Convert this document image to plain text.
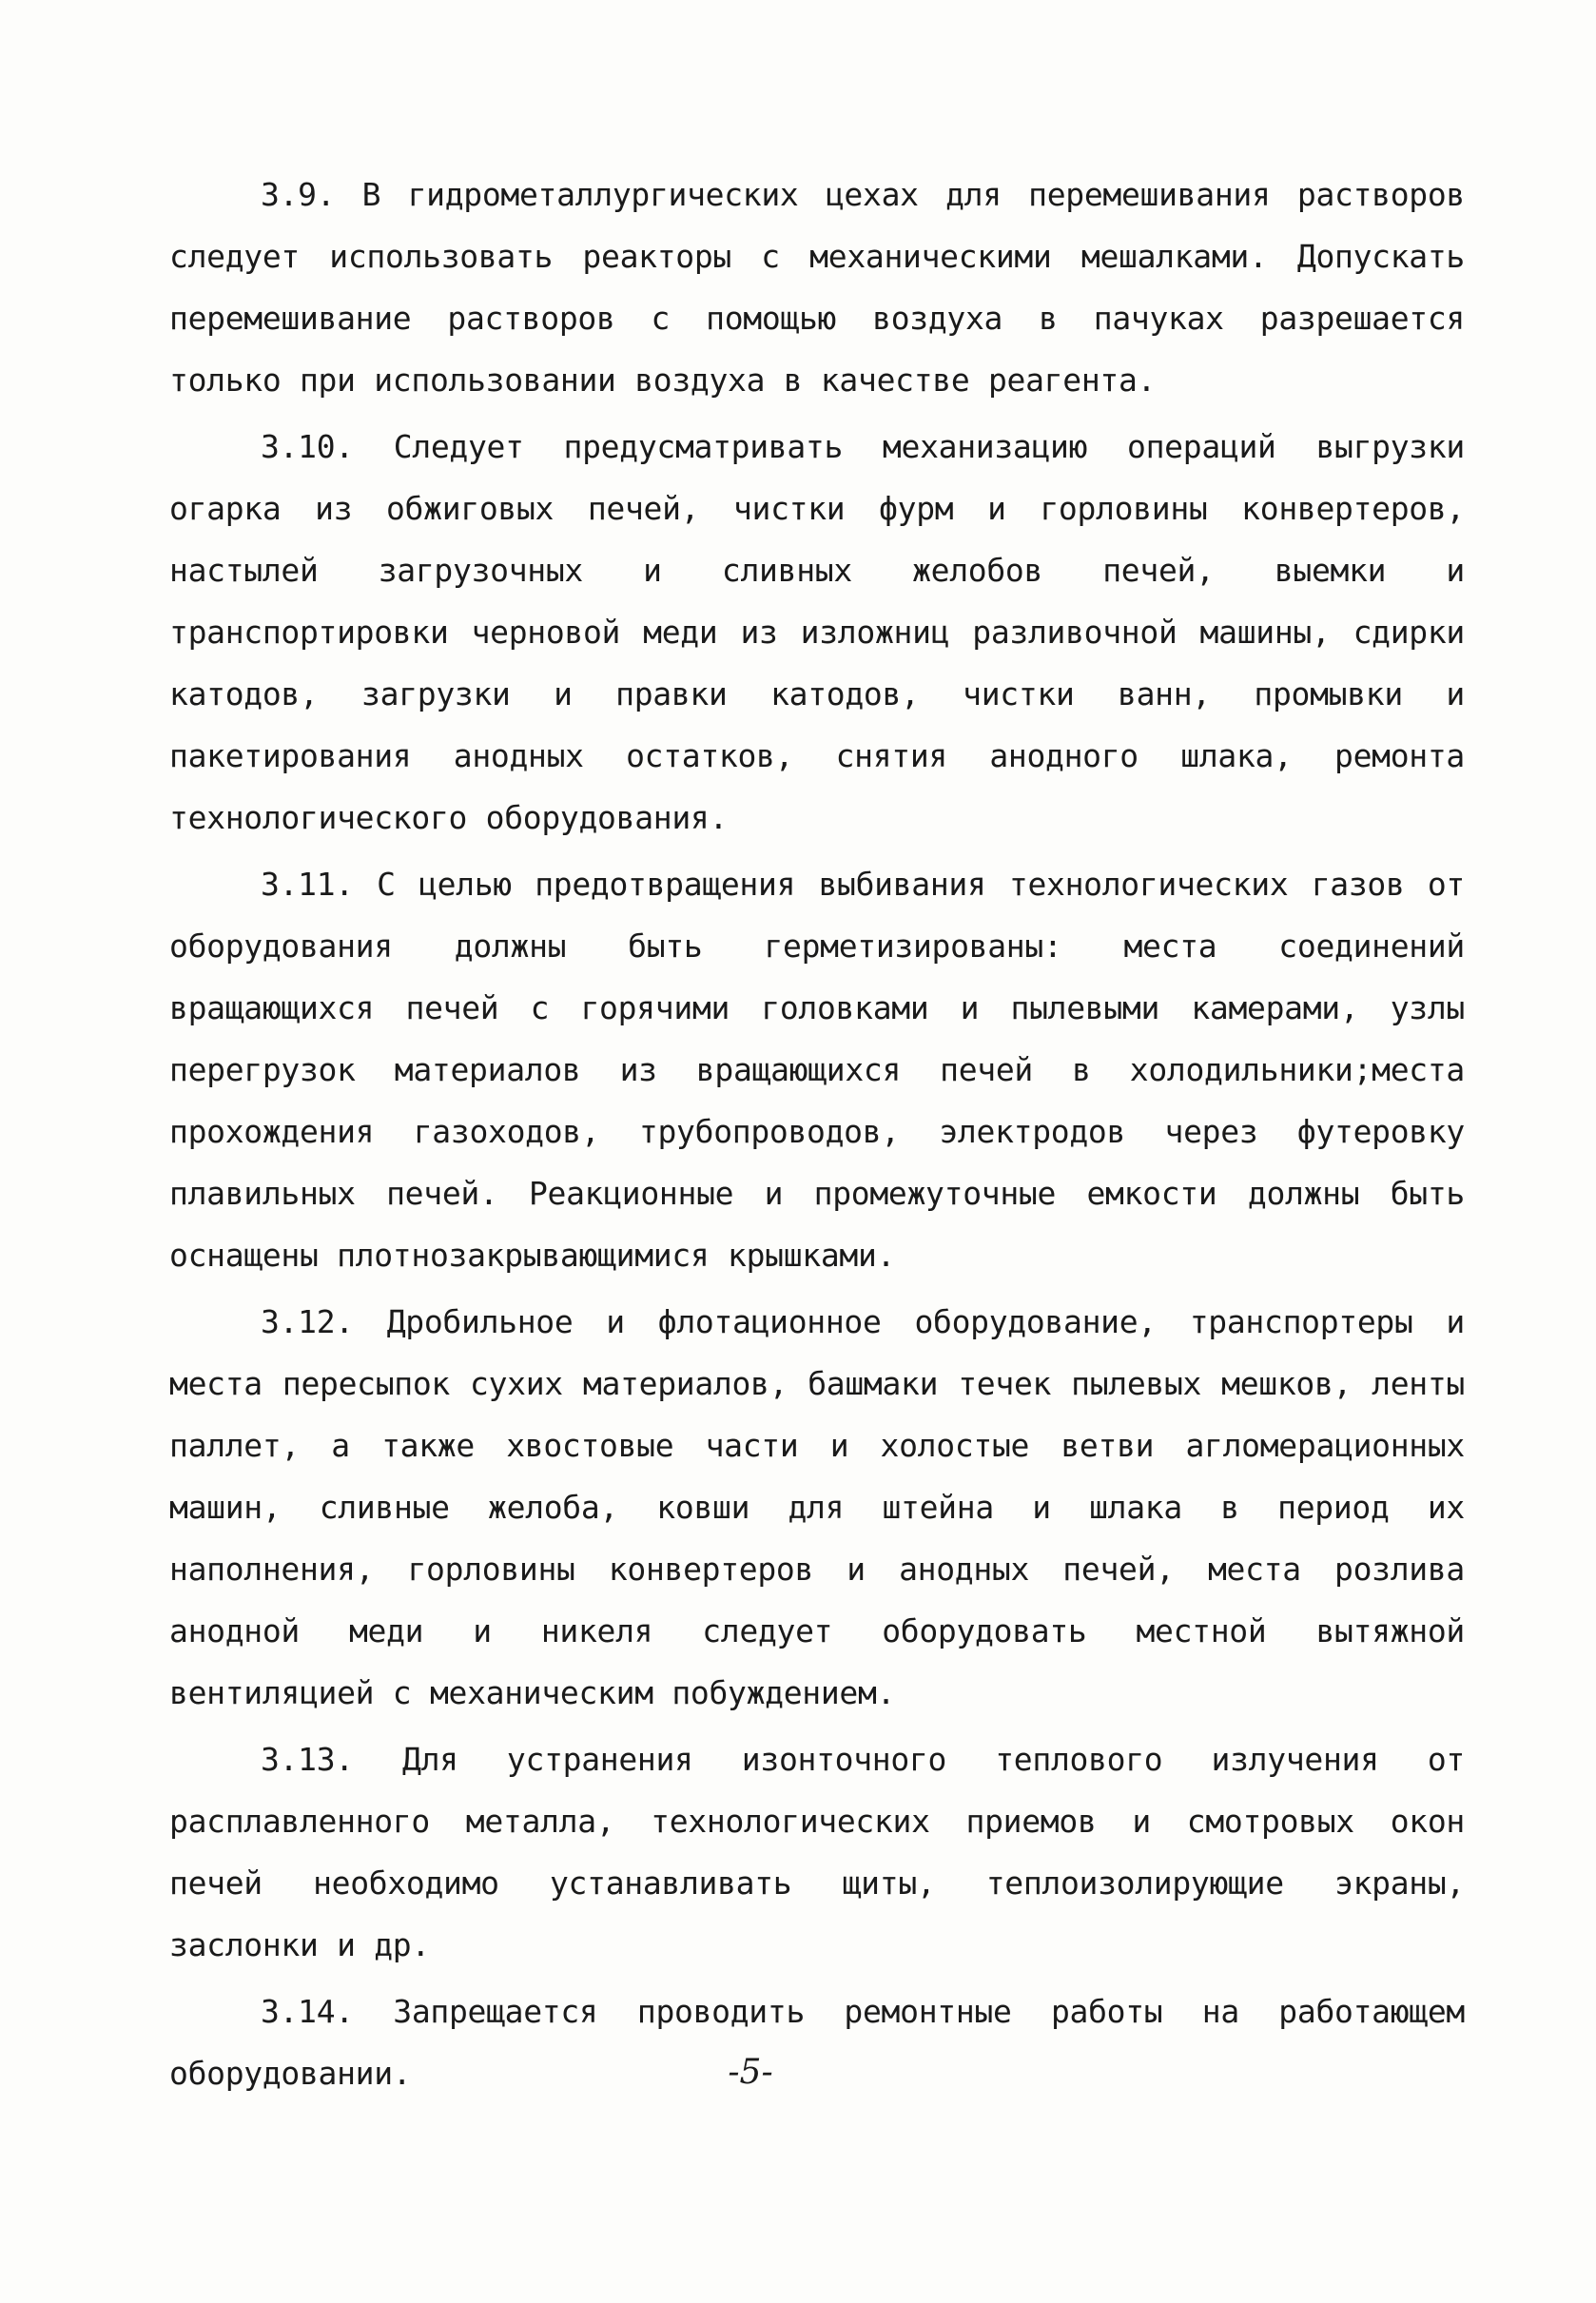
3.9. В гидрометаллургических цехах для перемешивания растворов следует использовать реакторы с механическими мешалками. Допускать перемешивание растворов с помощью воздуха в пачуках разрешается только при использовании воздуха в качестве реагента.

3.10. Следует предусматривать механизацию операций выгрузки огарка из обжиговых печей, чистки фурм и горловины конвертеров, настылей загрузочных и сливных желобов печей, выемки и транспортировки черновой меди из изложниц разливочной машины, сдирки катодов, загрузки и правки катодов, чистки ванн, промывки и пакетирования анодных остатков, снятия анодного шлака, ремонта технологического оборудования.

3.11. С целью предотвращения выбивания технологических газов от оборудования должны быть герметизированы: места соединений вращающихся печей с горячими головками и пылевыми камерами, узлы перегрузок материалов из вращающихся печей в холодильники;места прохождения газоходов, трубопроводов, электродов через футеровку плавильных печей. Реакционные и промежуточные емкости должны быть оснащены плотнозакрывающимися крышками.

3.12. Дробильное и флотационное оборудование, транспортеры и места пересыпок сухих материалов, башмаки течек пылевых мешков, ленты паллет, а также хвостовые части и холостые ветви агломерационных машин, сливные желоба, ковши для штейна и шлака в период их наполнения, горловины конвертеров и анодных печей, места розлива анодной меди и никеля следует оборудовать местной вытяжной вентиляцией с механическим побуждением.

3.13. Для устранения изонточного теплового излучения от расплавленного металла, технологических приемов и смотровых окон печей необходимо устанавливать щиты, теплоизолирующие экраны, заслонки и др.

3.14. Запрещается проводить ремонтные работы на работающем оборудовании.	-5-
